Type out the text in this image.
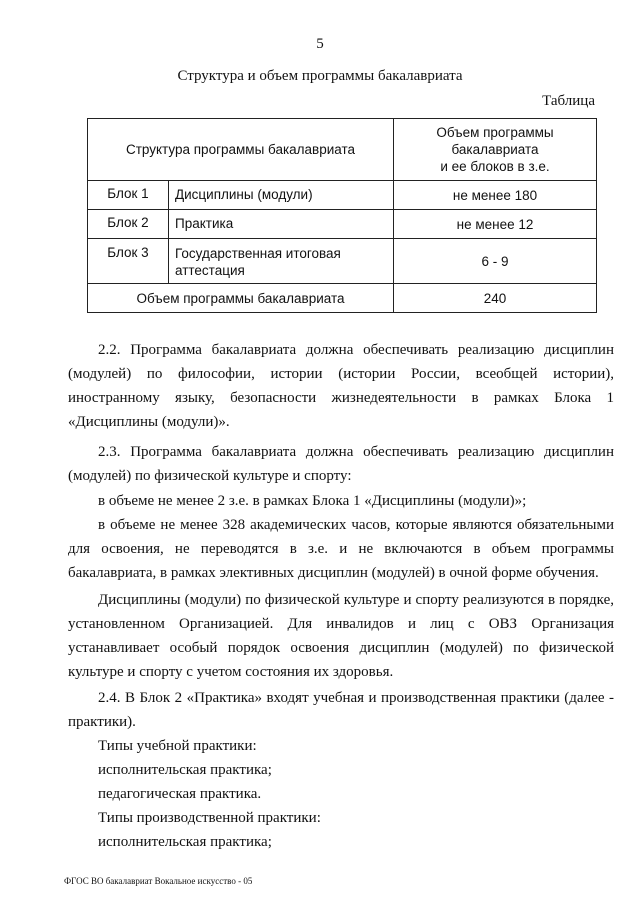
5
Структура и объем программы бакалавриата
Таблица
Структура программы бакалавриата		Объем программы
бакалавриата
и ее блоков в з.е.

Блок 1	Дисциплины (модули)	не менее 180
Блок 2	Практика	не менее 12
Блок 3	Государственная итоговая аттестация	6 - 9
Объем программы бакалавриата		240

2.2. Программа бакалавриата должна обеспечивать реализацию дисциплин (модулей) по философии, истории (истории России, всеобщей истории), иностранному языку, безопасности жизнедеятельности в рамках Блока 1 «Дисциплины (модули)».

2.3. Программа бакалавриата должна обеспечивать реализацию дисциплин (модулей) по физической культуре и спорту:

в объеме не менее 2 з.е. в рамках Блока 1 «Дисциплины (модули)»;

в объеме не менее 328 академических часов, которые являются обязательными для освоения, не переводятся в з.е. и не включаются в объем программы бакалавриата, в рамках элективных дисциплин (модулей) в очной форме обучения.

Дисциплины (модули) по физической культуре и спорту реализуются в порядке, установленном Организацией. Для инвалидов и лиц с ОВЗ Организация устанавливает особый порядок освоения дисциплин (модулей) по физической культуре и спорту с учетом состояния их здоровья.

2.4. В Блок 2 «Практика» входят учебная и производственная практики (далее - практики).

Типы учебной практики:
исполнительская практика;
педагогическая практика.
Типы производственной практики:
исполнительская практика;
ФГОС ВО бакалавриат Вокальное искусство - 05
